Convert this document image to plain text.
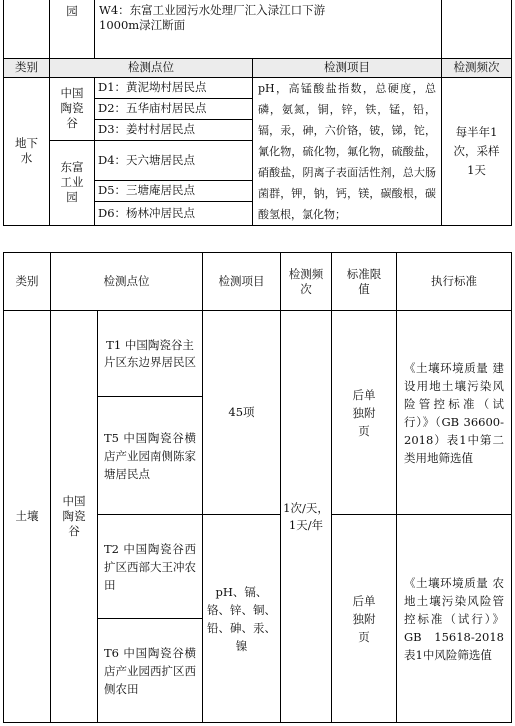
	园	W4：东富工业园污水处理厂汇入渌江口下游1000m渌江断面		
类别	检测点位		检测项目	检测频次
地下水	中国陶瓷谷	D1：黄泥坳村居民点	pH，高锰酸盐指数，总硬度，总磷，氨氮，铜，锌，铁，锰，铅，镉，汞，砷，六价铬，铍，锑，铊，氰化物，硫化物，氟化物，硫酸盐，硝酸盐，阴离子表面活性剂，总大肠菌群，钾，钠，钙，镁，碳酸根，碳酸氢根，氯化物；	每半年1次，采样1天
		D2：五华庙村居民点		
		D3：姜村村居民点		
	东富工业园	D4：天六塘居民点		
		D5：三塘庵居民点		
		D6：杨林冲居民点		
类别	检测点位		检测项目	检测频次	标准限值	执行标准
土壤	中国陶瓷谷	T1 中国陶瓷谷主片区东边界居民区	45项	1次/天，1天/年	后单独附页	《土壤环境质量 建设用地土壤污染风险管控标准（试行）》（GB 36600-2018）表1中第二类用地筛选值
		T5 中国陶瓷谷横店产业园南侧陈家塘居民点				
		T2 中国陶瓷谷西扩区西部大王冲农田	pH、镉、铬、锌、铜、铅、砷、汞、镍		后单独附页	《土壤环境质量 农地土壤污染风险管控标准（试行）》 GB 15618-2018表1中风险筛选值
		T6 中国陶瓷谷横店产业园西扩区西侧农田				
